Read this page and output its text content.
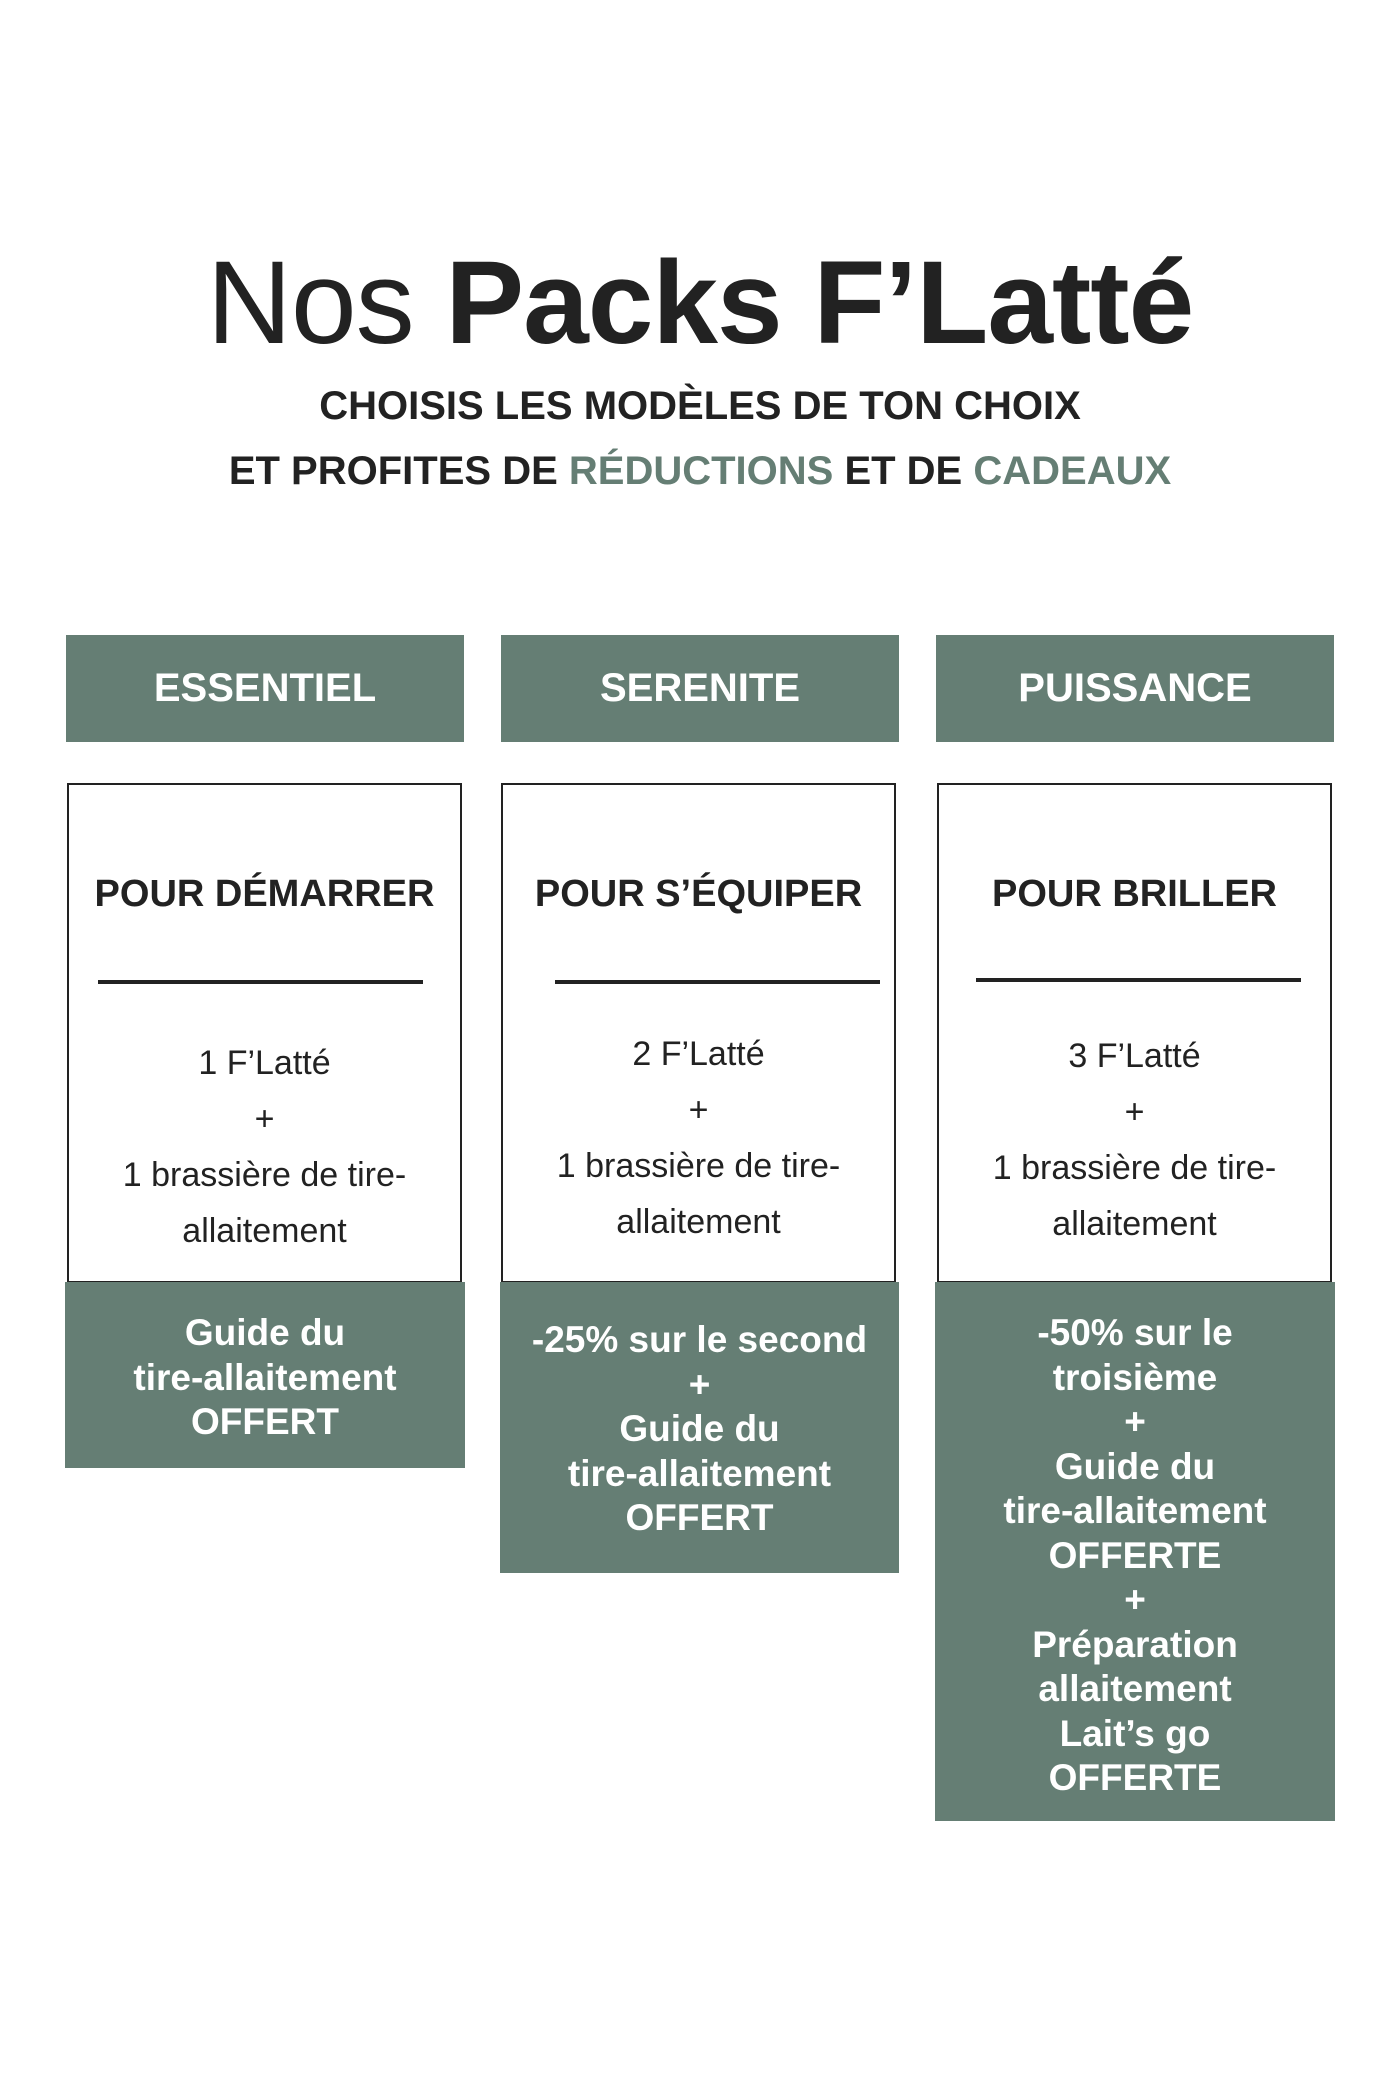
Nos Packs F’Latté
CHOISIS LES MODÈLES DE TON CHOIX
ET PROFITES DE RÉDUCTIONS ET DE CADEAUX
ESSENTIEL
POUR DÉMARRER
1 F’Latté
+
1 brassière de tire-
allaitement
Guide du
tire-allaitement
OFFERT
SERENITE
POUR S’ÉQUIPER
2 F’Latté
+
1 brassière de tire-
allaitement
-25% sur le second
+
Guide du
tire-allaitement
OFFERT
PUISSANCE
POUR BRILLER
3 F’Latté
+
1 brassière de tire-
allaitement
-50% sur le
troisième
+
Guide du
tire-allaitement
OFFERTE
+
Préparation
allaitement
Lait’s go
OFFERTE
